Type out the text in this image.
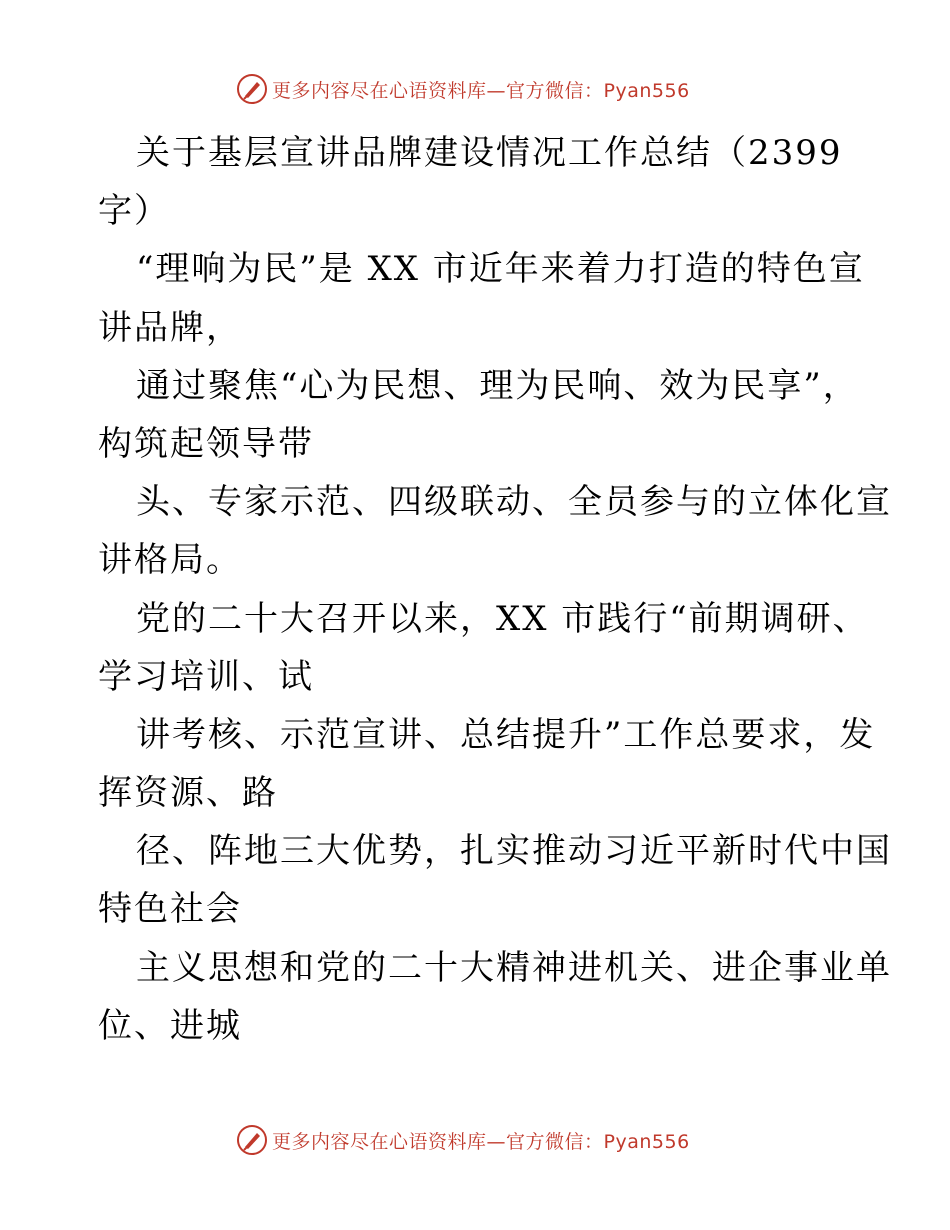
更多内容尽在心语资料库—官方微信：Pyan556
关于基层宣讲品牌建设情况工作总结（2399
字）
“理响为民”是 XX 市近年来着力打造的特色宣
讲品牌，
通过聚焦“心为民想、理为民响、效为民享”，
构筑起领导带
头、专家示范、四级联动、全员参与的立体化宣
讲格局。
党的二十大召开以来，XX 市践行“前期调研、
学习培训、试
讲考核、示范宣讲、总结提升”工作总要求，发
挥资源、路
径、阵地三大优势，扎实推动习近平新时代中国
特色社会
主义思想和党的二十大精神进机关、进企事业单
位、进城
更多内容尽在心语资料库—官方微信：Pyan556
